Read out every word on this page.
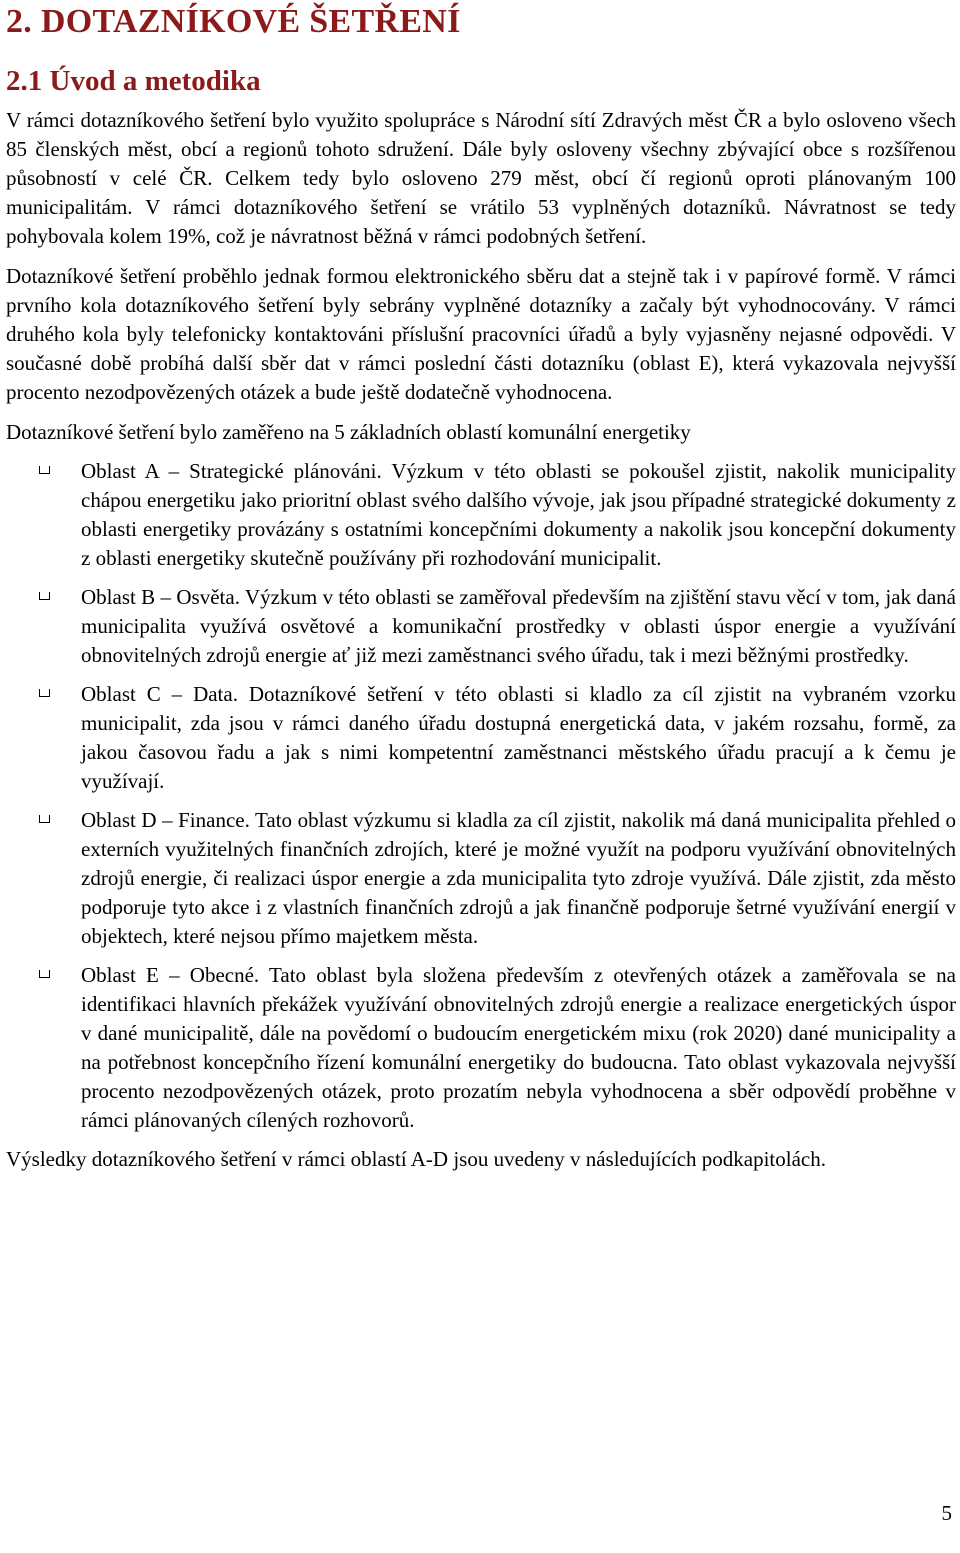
2. DOTAZNÍKOVÉ ŠETŘENÍ
2.1 Úvod a metodika

V rámci dotazníkového šetření bylo využito spolupráce s Národní sítí Zdravých měst ČR a bylo osloveno všech 85 členských měst, obcí a regionů tohoto sdružení. Dále byly osloveny všechny zbývající obce s rozšířenou působností v celé ČR. Celkem tedy bylo osloveno 279 měst, obcí čí regionů oproti plánovaným 100 municipalitám. V rámci dotazníkového šetření se vrátilo 53 vyplněných dotazníků. Návratnost se tedy pohybovala kolem 19%, což je návratnost běžná v rámci podobných šetření.

Dotazníkové šetření proběhlo jednak formou elektronického sběru dat a stejně tak i v papírové formě. V rámci prvního kola dotazníkového šetření byly sebrány vyplněné dotazníky a začaly být vyhodnocovány. V rámci druhého kola byly telefonicky kontaktováni příslušní pracovníci úřadů a byly vyjasněny nejasné odpovědi. V současné době probíhá další sběr dat v rámci poslední části dotazníku (oblast E), která vykazovala nejvyšší procento nezodpovězených otázek a bude ještě dodatečně vyhodnocena.

Dotazníkové šetření bylo zaměřeno na 5 základních oblastí komunální energetiky

Oblast A – Strategické plánováni. Výzkum v této oblasti se pokoušel zjistit, nakolik municipality chápou energetiku jako prioritní oblast svého dalšího vývoje, jak jsou případné strategické dokumenty z oblasti energetiky provázány s ostatními koncepčními dokumenty a nakolik jsou koncepční dokumenty z oblasti energetiky skutečně používány při rozhodování municipalit.

Oblast B – Osvěta. Výzkum v této oblasti se zaměřoval především na zjištění stavu věcí v tom, jak daná municipalita využívá osvětové a komunikační prostředky v oblasti úspor energie a využívání obnovitelných zdrojů energie ať již mezi zaměstnanci svého úřadu, tak i mezi běžnými prostředky.

Oblast C – Data. Dotazníkové šetření v této oblasti si kladlo za cíl zjistit na vybraném vzorku municipalit, zda jsou v rámci daného úřadu dostupná energetická data, v jakém rozsahu, formě, za jakou časovou řadu a jak s nimi kompetentní zaměstnanci městského úřadu pracují a k čemu je využívají.

Oblast D – Finance. Tato oblast výzkumu si kladla za cíl zjistit, nakolik má daná municipalita přehled o externích využitelných finančních zdrojích, které je možné využít na podporu využívání obnovitelných zdrojů energie, či realizaci úspor energie a zda municipalita tyto zdroje využívá. Dále zjistit, zda město podporuje tyto akce i z vlastních finančních zdrojů a jak finančně podporuje šetrné využívání energií v objektech, které nejsou přímo majetkem města.

Oblast E – Obecné. Tato oblast byla složena především z otevřených otázek a zaměřovala se na identifikaci hlavních překážek využívání obnovitelných zdrojů energie a realizace energetických úspor v dané municipalitě, dále na povědomí o budoucím energetickém mixu (rok 2020) dané municipality a na potřebnost koncepčního řízení komunální energetiky do budoucna. Tato oblast vykazovala nejvyšší procento nezodpovězených otázek, proto prozatím nebyla vyhodnocena a sběr odpovědí proběhne v rámci plánovaných cílených rozhovorů.

Výsledky dotazníkového šetření v rámci oblastí A-D jsou uvedeny v následujících podkapitolách.

5
